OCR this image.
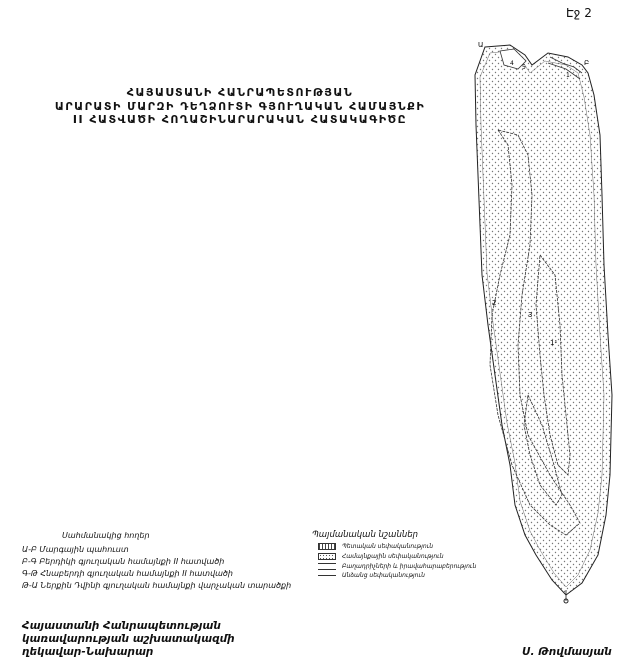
Էջ 2
ՀԱՅԱՍՏԱՆԻ ՀԱՆՐԱՊԵՏՈՒԹՅԱՆ
ԱՐԱՐԱՏԻ ՄԱՐԶԻ ԴԵՂՁՈՒՏԻ ԳՅՈՒՂԱԿԱՆ ՀԱՄԱՅՆՔԻ
II ՀԱՏՎԱԾԻ ՀՈՂԱՇԻՆԱՐԱՐԱԿԱՆ ՀԱՏԱԿԱԳԻԾԸ
Ա
Բ
2
3
1¹
4
5
1
Սահմանակից հողեր
Ա-Բ Մարգային պահուստ
Բ-Գ Բերդիկի գյուղական համայնքի II հատվածի
Գ-Թ Հնաբերդի գյուղական համայնքի II հատվածի
Թ-Ա Ներքին Դվինի գյուղական համայնքի վարչական տարածքի
Պայմանական նշաններ
Պետական սեփականություն
Համայնքային սեփականություն
Բաղադրիչների և իրավահարաբերություն
Անձանց սեփականություն
Հայաստանի Հանրապետության
կառավարության աշխատակազմի
ղեկավար-Նախարար	Ս. Թովմասյան
